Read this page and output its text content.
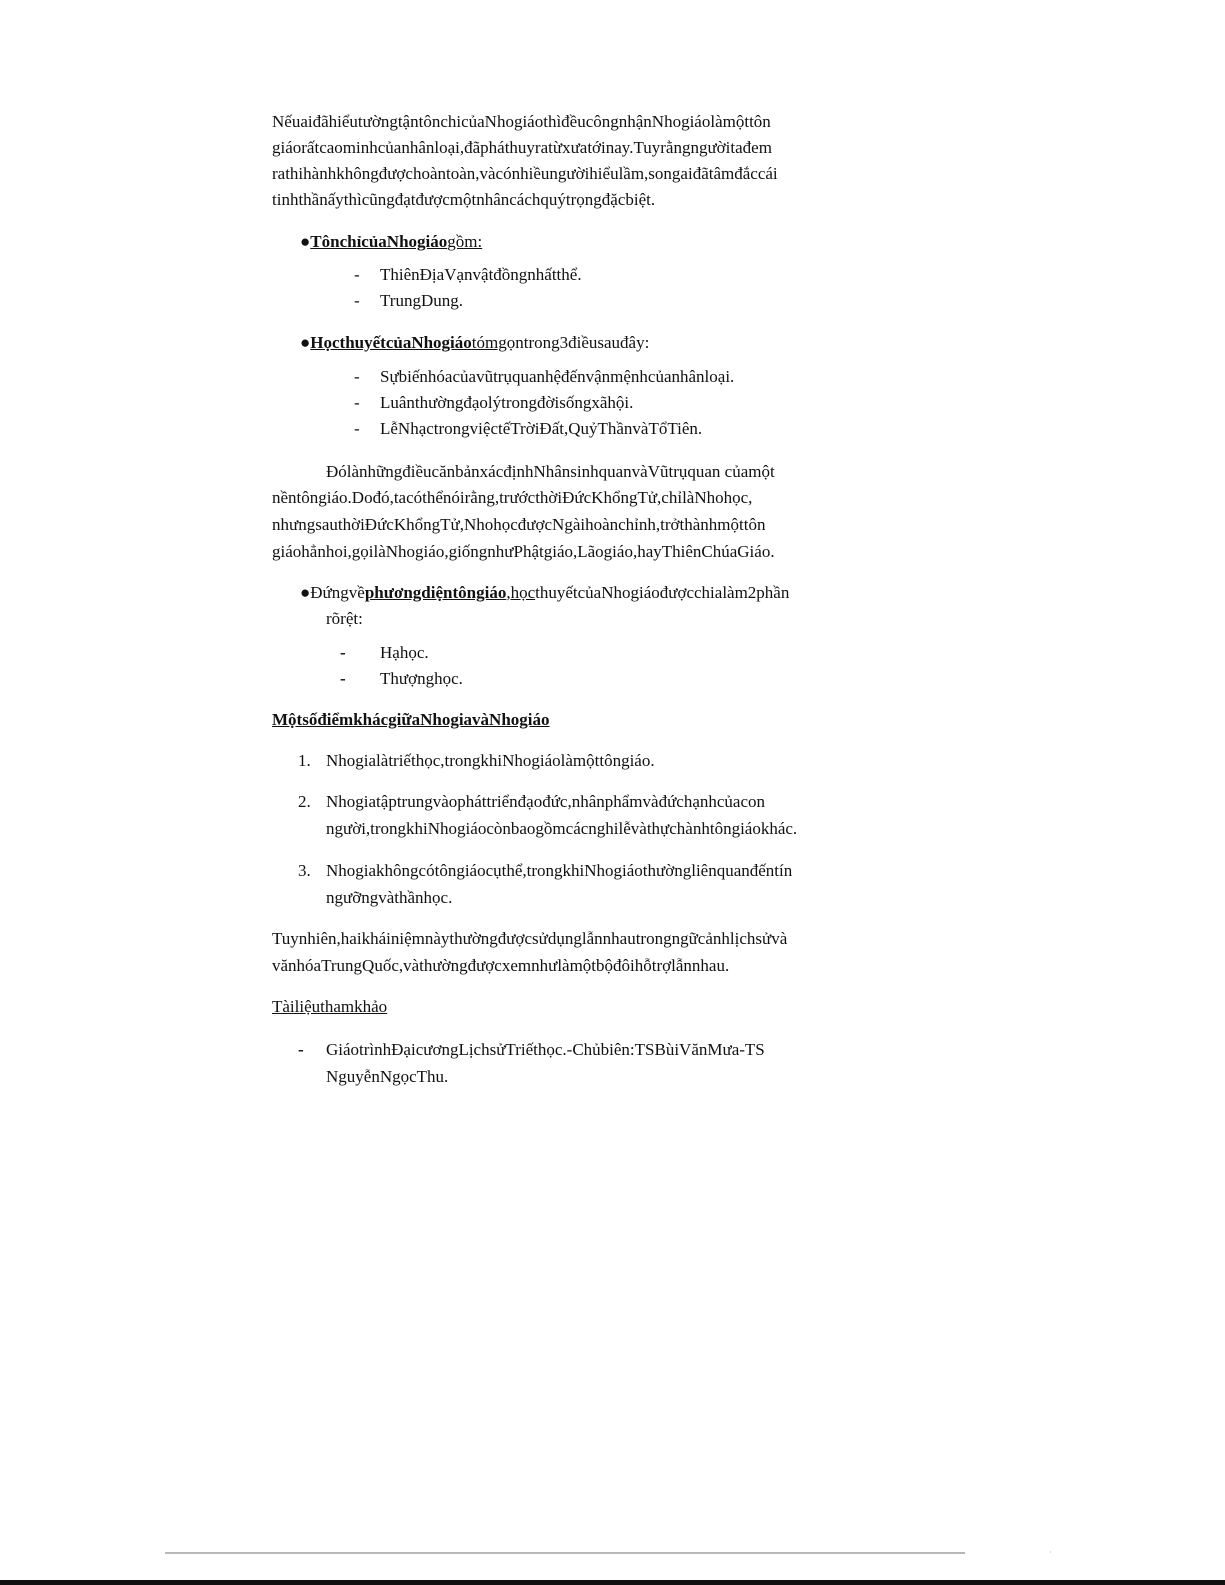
NếuaiđãhiểutườngtậntônchicủaNhogiáothìđềucôngnhậnNhogiáolàmộttôn
giáorấtcaominhcủanhânloại,đãpháthuyratừxưatớinay.Tuyrằngngườitađem
rathihànhkhôngđượchoàntoàn,vàcónhiềungườihiểulầm,songaiđãtâmđắccái
tinhthầnấythìcũngđạtđượcmộtnhâncáchquýtrọngđặcbiệt.
●TônchỉcủaNhogiáogồm:
- ThiênĐịaVạnvậtđồngnhấtthể.
- TrungDung.
●HọcthuyếtcủaNhogiáotómgọntrong3điềusauđây:
- Sựbiếnhóacủavũtrụquanhệđếnvậnmệnhcủanhânloại.
- Luânthườngđạolýtrongđờisốngxãhội.
- LễNhạctrongviệctếTrờiĐất,QuỷThầnvàTổTiên.
ĐólànhữngđiềucănbảnxácđịnhNhânsinhquanvàVũtrụquan củamột
nềntôngiáo.Dođó,tacóthểnóirằng,trướcthờiĐứcKhổngTử,chỉlàNhohọc,
nhưngsauthờiĐứcKhổngTử,NhohọcđượcNgàihoànchỉnh,trởthànhmộttôn
giáohẳnhoi,gọilàNhogiáo,giốngnhưPhậtgiáo,Lãogiáo,hayThiênChúaGiáo.
●Đứngvềphươngdiệntôngiáo,họcthuyếtcủaNhogiáođượcchialàm2phần
rõrệt:
- Hạhọc.
- Thượnghọc.
MộtsốđiểmkhácgiữaNhogiavàNhogiáo
1. Nhogialàtriếthọc,trongkhiNhogiáolàmộttôngiáo.
2. Nhogiatậptrungvàopháttriểnđạođức,nhânphẩmvàđứchạnhcủacon
người,trongkhiNhogiáocònbaogồmcácnghilễvàthựchànhtôngiáokhác.
3. Nhogiakhôngcótôngiáocụthể,trongkhiNhogiáothườngliênquanđếntín
ngưỡngvàthầnhọc.
Tuynhiên,haikháiniệmnàythườngđượcsửdụnglẫnnhautrongngữcảnhlịchsửvà
vănhóaTrungQuốc,vàthườngđượcxemnhưlàmộtbộđôihỗtrợlẫnnhau.
Tàiliệuthamkhảo
- GiáotrìnhĐạicươngLịchsửTriếthọc.-Chủbiên:TSBùiVănMưa-TS
NguyễnNgọcThu.
